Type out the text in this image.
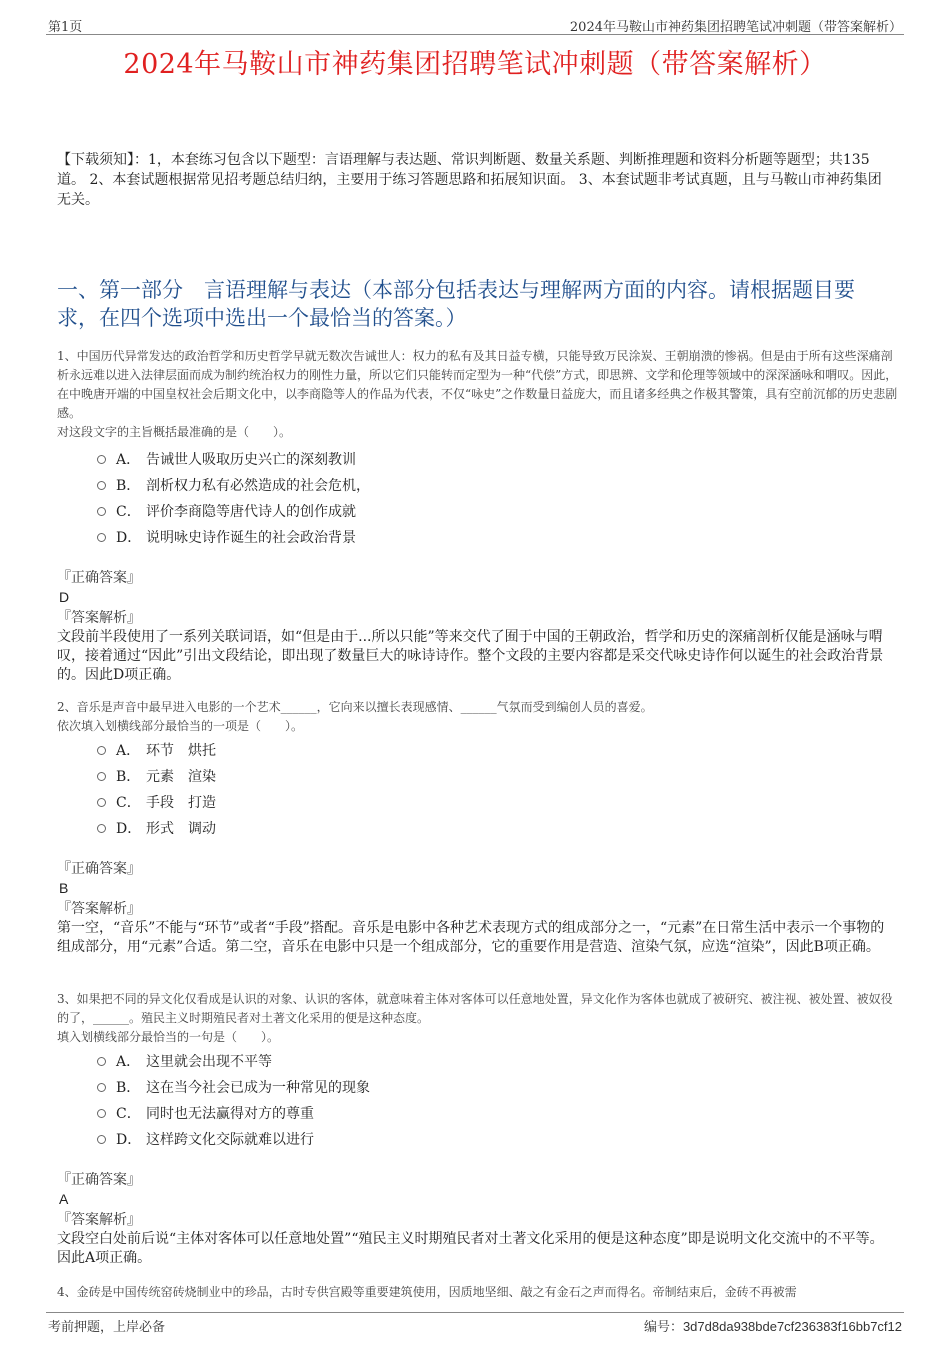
第1页	2024年马鞍山市神药集团招聘笔试冲刺题（带答案解析）
2024年马鞍山市神药集团招聘笔试冲刺题（带答案解析）
【下载须知】：1，本套练习包含以下题型：言语理解与表达题、常识判断题、数量关系题、判断推理题和资料分析题等题型；共135道。 2、本套试题根据常见招考题总结归纳，主要用于练习答题思路和拓展知识面。 3、本套试题非考试真题，且与马鞍山市神药集团无关。
一、第一部分　言语理解与表达（本部分包括表达与理解两方面的内容。请根据题目要求，在四个选项中选出一个最恰当的答案。）

1、中国历代异常发达的政治哲学和历史哲学早就无数次告诫世人：权力的私有及其日益专横，只能导致万民涂炭、王朝崩溃的惨祸。但是由于所有这些深痛剖析永远难以进入法律层面而成为制约统治权力的刚性力量，所以它们只能转而定型为一种“代偿”方式，即思辨、文学和伦理等领域中的深深涵咏和喟叹。因此，在中晚唐开端的中国皇权社会后期文化中，以李商隐等人的作品为代表，不仅“咏史”之作数量日益庞大，而且诸多经典之作极其警策，具有空前沉郁的历史悲剧感。

对这段文字的主旨概括最准确的是（　　）。

A． 告诫世人吸取历史兴亡的深刻教训
B． 剖析权力私有必然造成的社会危机，
C． 评价李商隐等唐代诗人的创作成就
D． 说明咏史诗作诞生的社会政治背景
『正确答案』
D
『答案解析』

文段前半段使用了一系列关联词语，如“但是由于...所以只能”等来交代了囿于中国的王朝政治，哲学和历史的深痛剖析仅能是涵咏与喟叹，接着通过“因此”引出文段结论，即出现了数量巨大的咏诗诗作。整个文段的主要内容都是采交代咏史诗作何以诞生的社会政治背景的。因此D项正确。

2、音乐是声音中最早进入电影的一个艺术______，它向来以擅长表现感情、______气氛而受到编创人员的喜爱。

依次填入划横线部分最恰当的一项是（　　）。

A． 环节　烘托
B． 元素　渲染
C． 手段　打造
D． 形式　调动
『正确答案』
B
『答案解析』

第一空，“音乐”不能与“环节”或者“手段”搭配。音乐是电影中各种艺术表现方式的组成部分之一，“元素”在日常生活中表示一个事物的组成部分，用“元素”合适。第二空，音乐在电影中只是一个组成部分，它的重要作用是营造、渲染气氛，应选“渲染”，因此B项正确。

3、如果把不同的异文化仅看成是认识的对象、认识的客体，就意味着主体对客体可以任意地处置，异文化作为客体也就成了被研究、被注视、被处置、被奴役的了，______。殖民主义时期殖民者对土著文化采用的便是这种态度。

填入划横线部分最恰当的一句是（　　）。

A． 这里就会出现不平等
B． 这在当今社会已成为一种常见的现象
C． 同时也无法赢得对方的尊重
D． 这样跨文化交际就难以进行
『正确答案』
A
『答案解析』

文段空白处前后说“主体对客体可以任意地处置”“殖民主义时期殖民者对土著文化采用的便是这种态度”即是说明文化交流中的不平等。因此A项正确。

4、金砖是中国传统窑砖烧制业中的珍品，古时专供宫殿等重要建筑使用，因质地坚细、敲之有金石之声而得名。帝制结束后，金砖不再被需

考前押题，上岸必备	编号：3d7d8da938bde7cf236383f16bb7cf12
